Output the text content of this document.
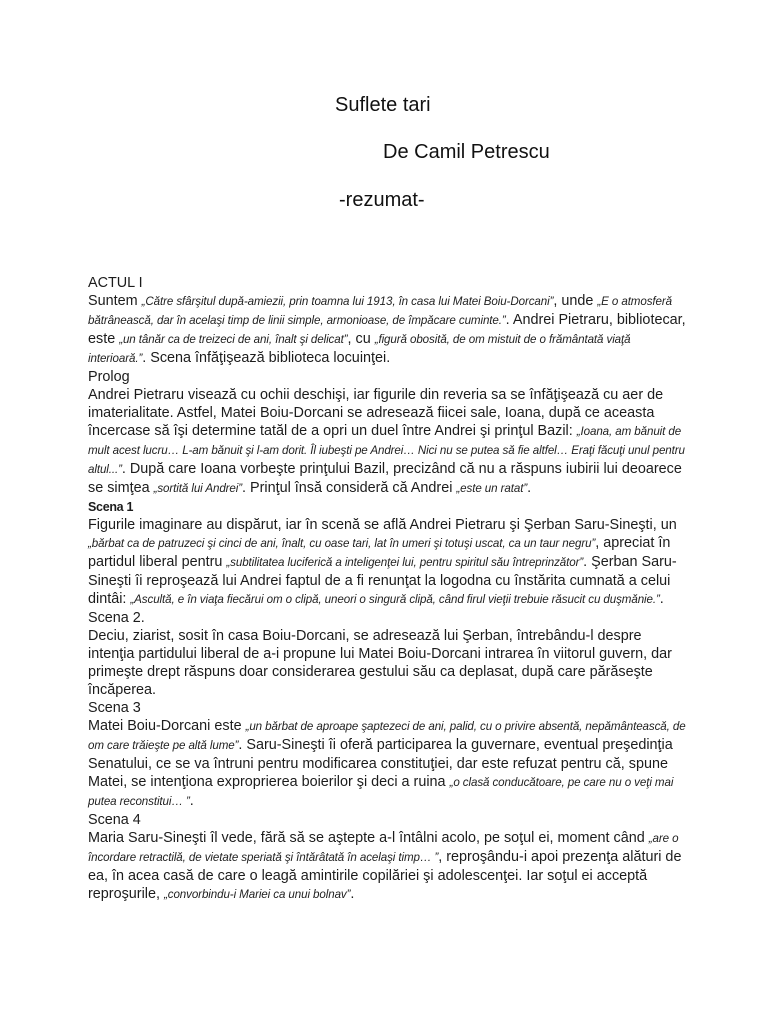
Suflete tari
De Camil Petrescu
-rezumat-
ACTUL I

Suntem „Către sfârşitul după-amiezii, prin toamna lui 1913, în casa lui Matei Boiu-Dorcani”, unde „E o atmosferă bătrânească, dar în acelaşi timp de linii simple, armonioase, de împăcare cuminte.”. Andrei Pietraru, bibliotecar, este „un tânăr ca de treizeci de ani, înalt şi delicat”, cu „figură obosită, de om mistuit de o frământată viaţă interioară.”. Scena înfăţişează biblioteca locuinţei.

Prolog

Andrei Pietraru visează cu ochii deschişi, iar figurile din reveria sa se înfăţişează cu aer de imaterialitate. Astfel, Matei Boiu-Dorcani se adresează fiicei sale, Ioana, după ce aceasta încercase să îşi determine tatăl de a opri un duel între Andrei şi prinţul Bazil: „Ioana, am bănuit de mult acest lucru… L-am bănuit şi l-am dorit. Îl iubeşti pe Andrei… Nici nu se putea să fie altfel… Eraţi făcuţi unul pentru altul...”. După care Ioana vorbeşte prinţului Bazil, precizând că nu a răspuns iubirii lui deoarece se simţea „sortită lui Andrei”. Prinţul însă consideră că Andrei „este un ratat”.

Scena 1

Figurile imaginare au dispărut, iar în scenă se află Andrei Pietraru şi Şerban Saru-Sineşti, un „bărbat ca de patruzeci şi cinci de ani, înalt, cu oase tari, lat în umeri şi totuşi uscat, ca un taur negru”, apreciat în partidul liberal pentru „subtilitatea luciferică a inteligenţei lui, pentru spiritul său întreprinzător”. Şerban Saru-Sineşti îi reproşează lui Andrei faptul de a fi renunţat la logodna cu înstărita cumnată a celui dintâi: „Ascultă, e în viaţa fiecărui om o clipă, uneori o singură clipă, când firul vieţii trebuie răsucit cu duşmănie.”.

Scena 2.

Deciu, ziarist, sosit în casa Boiu-Dorcani, se adresează lui Şerban, întrebându-l despre intenţia partidului liberal de a-i propune lui Matei Boiu-Dorcani intrarea în viitorul guvern, dar primeşte drept răspuns doar considerarea gestului său ca deplasat, după care părăseşte încăperea.

Scena 3

Matei Boiu-Dorcani este „un bărbat de aproape şaptezeci de ani, palid, cu o privire absentă, nepământească, de om care trăieşte pe altă lume”. Saru-Sineşti îi oferă participarea la guvernare, eventual preşedinţia Senatului, ce se va întruni pentru modificarea constituţiei, dar este refuzat pentru că, spune Matei, se intenţiona exproprierea boierilor şi deci a ruina „o clasă conducătoare, pe care nu o veţi mai putea reconstitui… ”.

Scena 4

Maria Saru-Sineşti îl vede, fără să se aştepte a-l întâlni acolo, pe soţul ei, moment când „are o încordare retractilă, de vietate speriată şi întărâtată în acelaşi timp… ”, reproşându-i apoi prezenţa alături de ea, în acea casă de care o leagă amintirile copilăriei şi adolescenţei. Iar soţul ei acceptă reproşurile, „convorbindu-i Mariei ca unui bolnav”.
